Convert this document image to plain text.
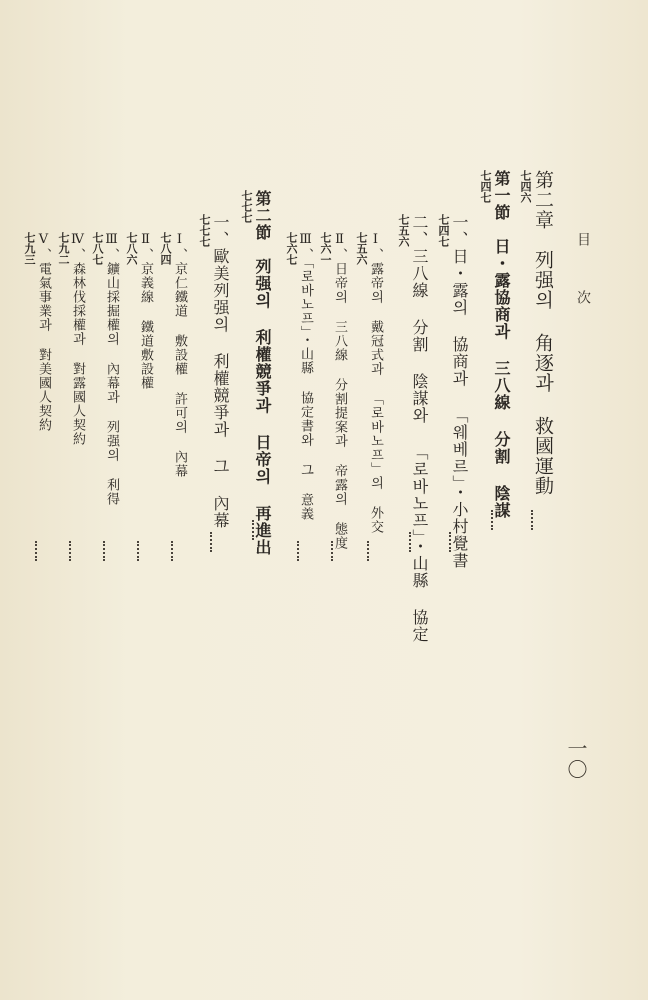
目 次
一〇
第二章　列强의 角逐과 救國運動
七四六
第一節　日・露協商과 三八線 分割 陰謀
七四七
一、日・露의 協商과 「웨베르」・小村覺書
七四七
二、三八線 分割 陰謀와 「로바노프」・山縣 協定
七五六
Ⅰ、露帝의 戴冠式과 「로바노프」의 外交
七五六
Ⅱ、日帝의 三八線 分割提案과 帝露의 態度
七六一
Ⅲ、「로바노프」・山縣 協定書와 그 意義
七六七
第二節　列强의 利權競爭과 日帝의 再進出
七七七
一、歐美列强의 利權競爭과 그 內幕
七七七
Ⅰ、京仁鐵道 敷設權 許可의 內幕
七八四
Ⅱ、京義線 鐵道敷設權
七八六
Ⅲ、鑛山採掘權의 內幕과 列强의 利得
七八七
Ⅳ、森林伐採權과 對露國人契約
七九二
Ⅴ、電氣事業과 對美國人契約
七九三
